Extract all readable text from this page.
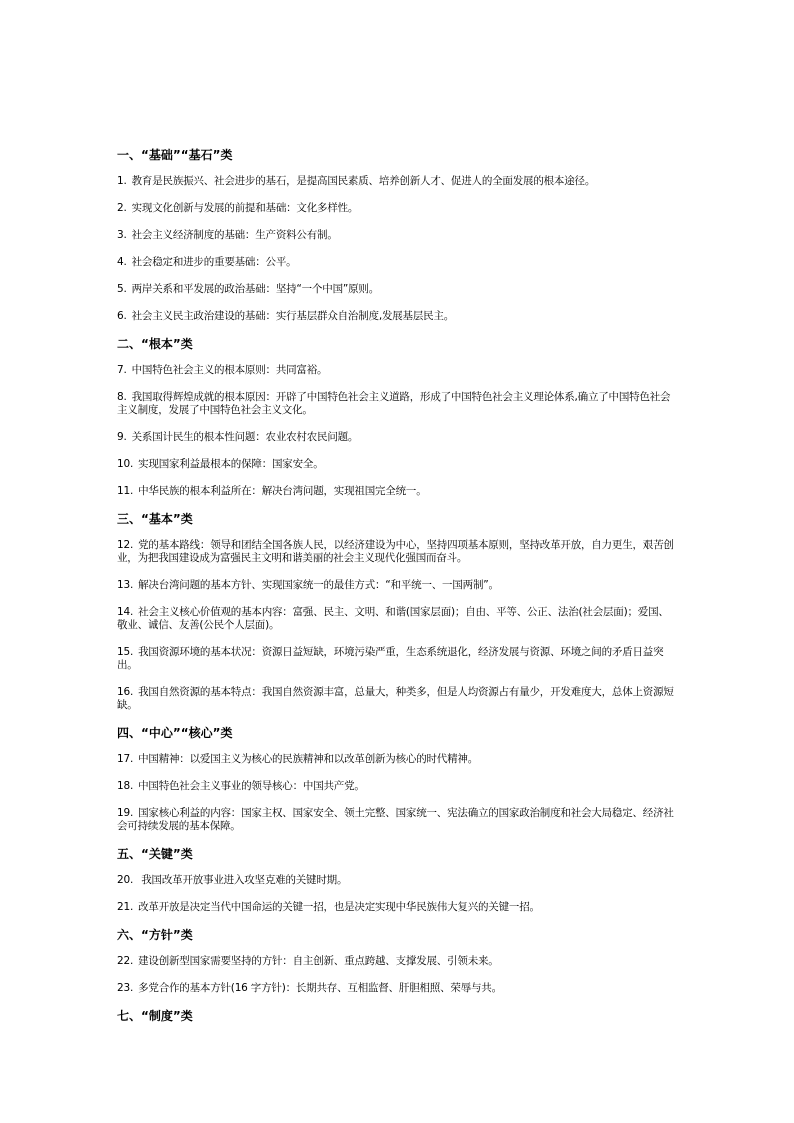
一、“基础”“基石”类
1. 教育是民族振兴、社会进步的基石，是提高国民素质、培养创新人才、促进人的全面发展的根本途径。
2. 实现文化创新与发展的前提和基础：文化多样性。
3. 社会主义经济制度的基础：生产资料公有制。
4. 社会稳定和进步的重要基础：公平。
5. 两岸关系和平发展的政治基础：坚持“一个中国”原则。
6. 社会主义民主政治建设的基础：实行基层群众自治制度,发展基层民主。
二、“根本”类
7. 中国特色社会主义的根本原则：共同富裕。
8. 我国取得辉煌成就的根本原因：开辟了中国特色社会主义道路，形成了中国特色社会主义理论体系,确立了中国特色社会主义制度，发展了中国特色社会主义文化。
9. 关系国计民生的根本性问题：农业农村农民问题。
10. 实现国家利益最根本的保障：国家安全。
11. 中华民族的根本利益所在：解决台湾问题，实现祖国完全统一。
三、“基本”类
12. 党的基本路线：领导和团结全国各族人民，以经济建设为中心，坚持四项基本原则，坚持改革开放，自力更生，艰苦创业，为把我国建设成为富强民主文明和谐美丽的社会主义现代化强国而奋斗。
13. 解决台湾问题的基本方针、实现国家统一的最佳方式：“和平统一、一国两制”。
14. 社会主义核心价值观的基本内容：富强、民主、文明、和谐(国家层面)；自由、平等、公正、法治(社会层面)；爱国、敬业、诚信、友善(公民个人层面)。
15. 我国资源环境的基本状况：资源日益短缺，环境污染严重，生态系统退化，经济发展与资源、环境之间的矛盾日益突出。
16. 我国自然资源的基本特点：我国自然资源丰富，总量大，种类多，但是人均资源占有量少，开发难度大，总体上资源短缺。
四、“中心”“核心”类
17. 中国精神：以爱国主义为核心的民族精神和以改革创新为核心的时代精神。
18. 中国特色社会主义事业的领导核心：中国共产党。
19. 国家核心利益的内容：国家主权、国家安全、领土完整、国家统一、宪法确立的国家政治制度和社会大局稳定、经济社会可持续发展的基本保障。
五、“关键”类
20. 我国改革开放事业进入攻坚克难的关键时期。
21. 改革开放是决定当代中国命运的关键一招，也是决定实现中华民族伟大复兴的关键一招。
六、“方针”类
22. 建设创新型国家需要坚持的方针：自主创新、重点跨越、支撑发展、引领未来。
23. 多党合作的基本方针(16 字方针)：长期共存、互相监督、肝胆相照、荣辱与共。
七、“制度”类
